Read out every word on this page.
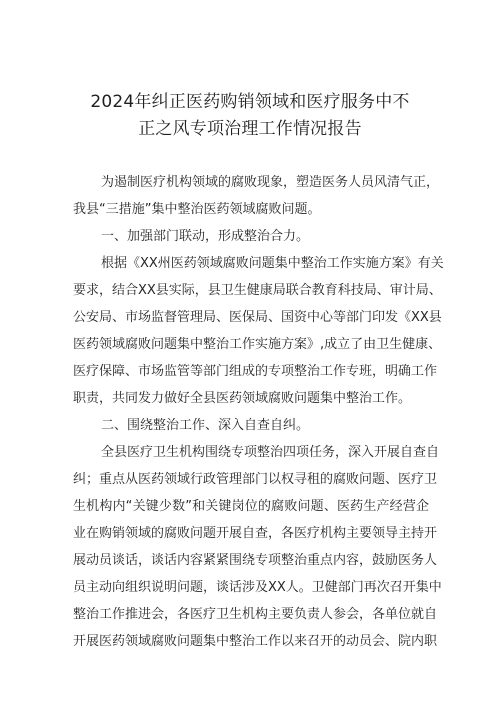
2024年纠正医药购销领域和医疗服务中不
正之风专项治理工作情况报告
为遏制医疗机构领域的腐败现象，塑造医务人员风清气正，
我县“三措施”集中整治医药领域腐败问题。
一、加强部门联动，形成整治合力。
根据《XX州医药领域腐败问题集中整治工作实施方案》有关
要求，结合XX县实际，县卫生健康局联合教育科技局、审计局、
公安局、市场监督管理局、医保局、国资中心等部门印发《XX县
医药领域腐败问题集中整治工作实施方案》,成立了由卫生健康、
医疗保障、市场监管等部门组成的专项整治工作专班，明确工作
职责，共同发力做好全县医药领域腐败问题集中整治工作。
二、围绕整治工作、深入自查自纠。
全县医疗卫生机构围绕专项整治四项任务，深入开展自查自
纠；重点从医药领域行政管理部门以权寻租的腐败问题、医疗卫
生机构内“关键少数”和关键岗位的腐败问题、医药生产经营企
业在购销领域的腐败问题开展自查，各医疗机构主要领导主持开
展动员谈话，谈话内容紧紧围绕专项整治重点内容，鼓励医务人
员主动向组织说明问题，谈话涉及XX人。卫健部门再次召开集中
整治工作推进会，各医疗卫生机构主要负责人参会，各单位就自
开展医药领域腐败问题集中整治工作以来召开的动员会、院内职
